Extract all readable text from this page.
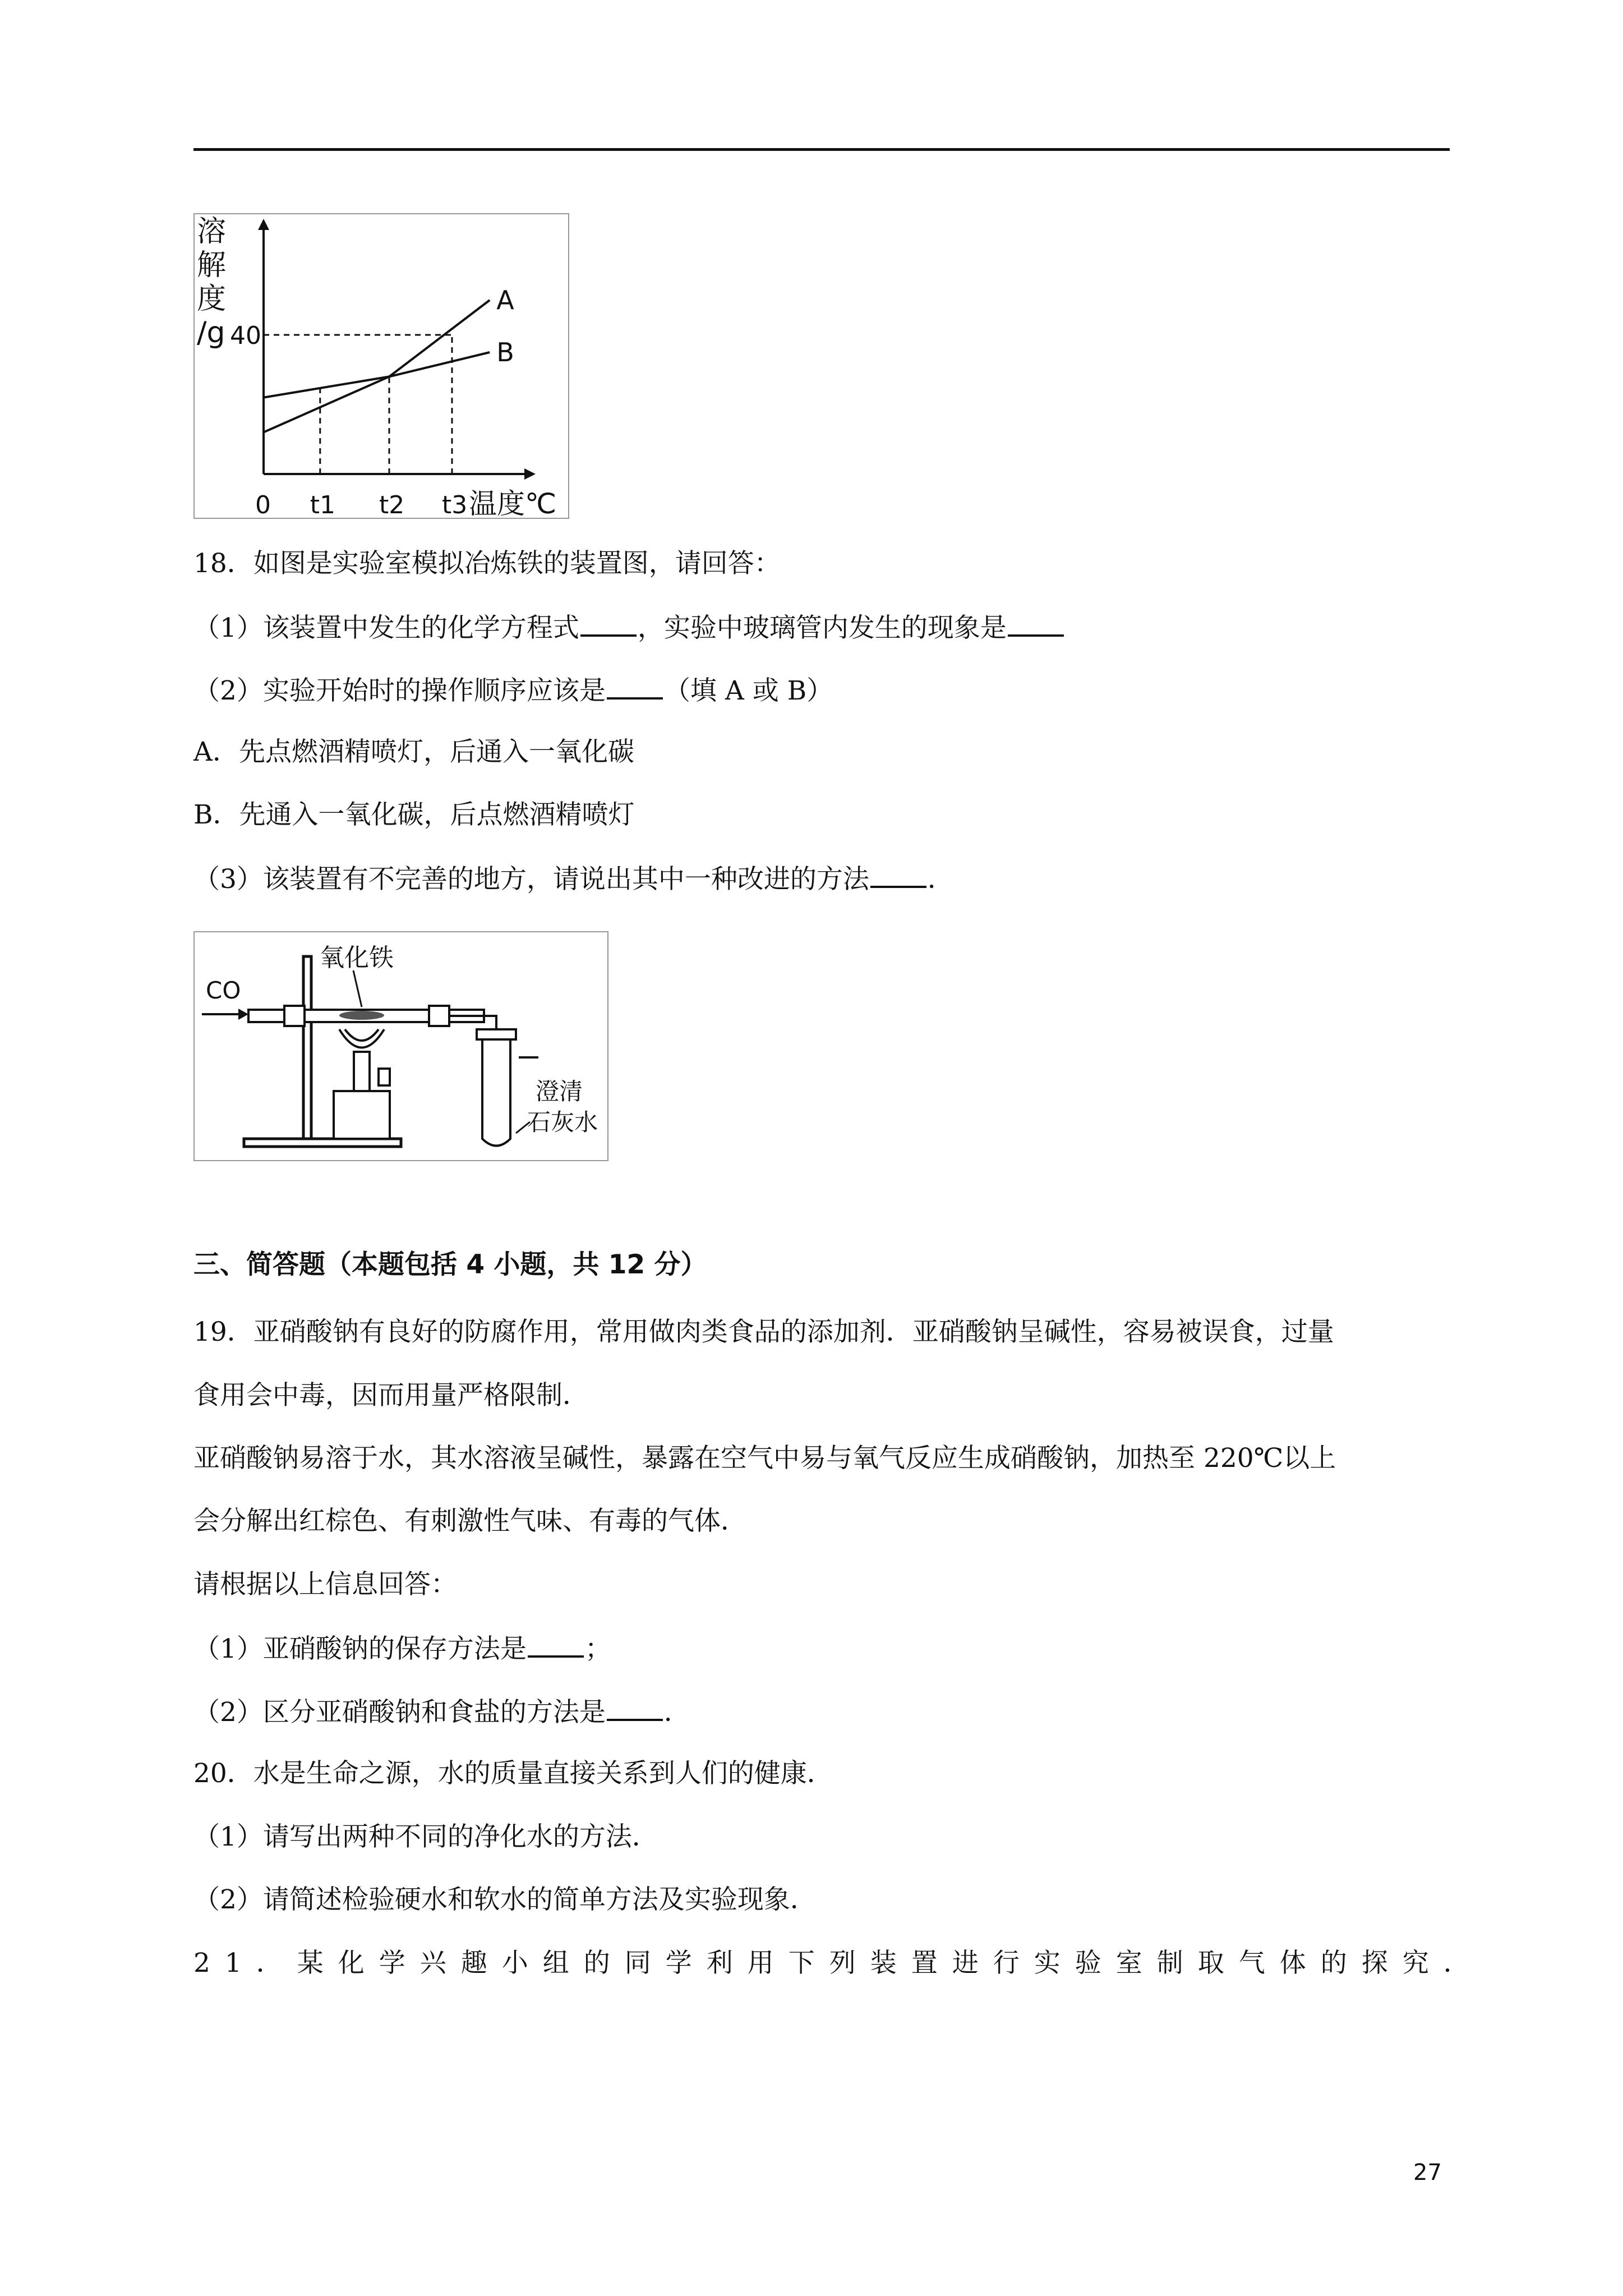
溶
解
度
/g
温度℃
A
B
40
0 t1 t2 t3
18．如图是实验室模拟冶炼铁的装置图，请回答：
（1）该装置中发生的化学方程式 ，实验中玻璃管内发生的现象是
（2）实验开始时的操作顺序应该是 （填 A 或 B）
A．先点燃酒精喷灯，后通入一氧化碳
B．先通入一氧化碳，后点燃酒精喷灯
（3）该装置有不完善的地方，请说出其中一种改进的方法 ．
CO
氧化铁
澄清
石灰水
三、简答题（本题包括 4 小题，共 12 分）
19．亚硝酸钠有良好的防腐作用，常用做肉类食品的添加剂．亚硝酸钠呈碱性，容易被误食，过量
食用会中毒，因而用量严格限制．
亚硝酸钠易溶于水，其水溶液呈碱性，暴露在空气中易与氧气反应生成硝酸钠，加热至 220℃以上
会分解出红棕色、有刺激性气味、有毒的气体．
请根据以上信息回答：
（1）亚硝酸钠的保存方法是 ；
（2）区分亚硝酸钠和食盐的方法是 ．
20．水是生命之源，水的质量直接关系到人们的健康．
（1）请写出两种不同的净化水的方法．
（2）请简述检验硬水和软水的简单方法及实验现象．
21．某化学兴趣小组的同学利用下列装置进行实验室制取气体的探究．
27
